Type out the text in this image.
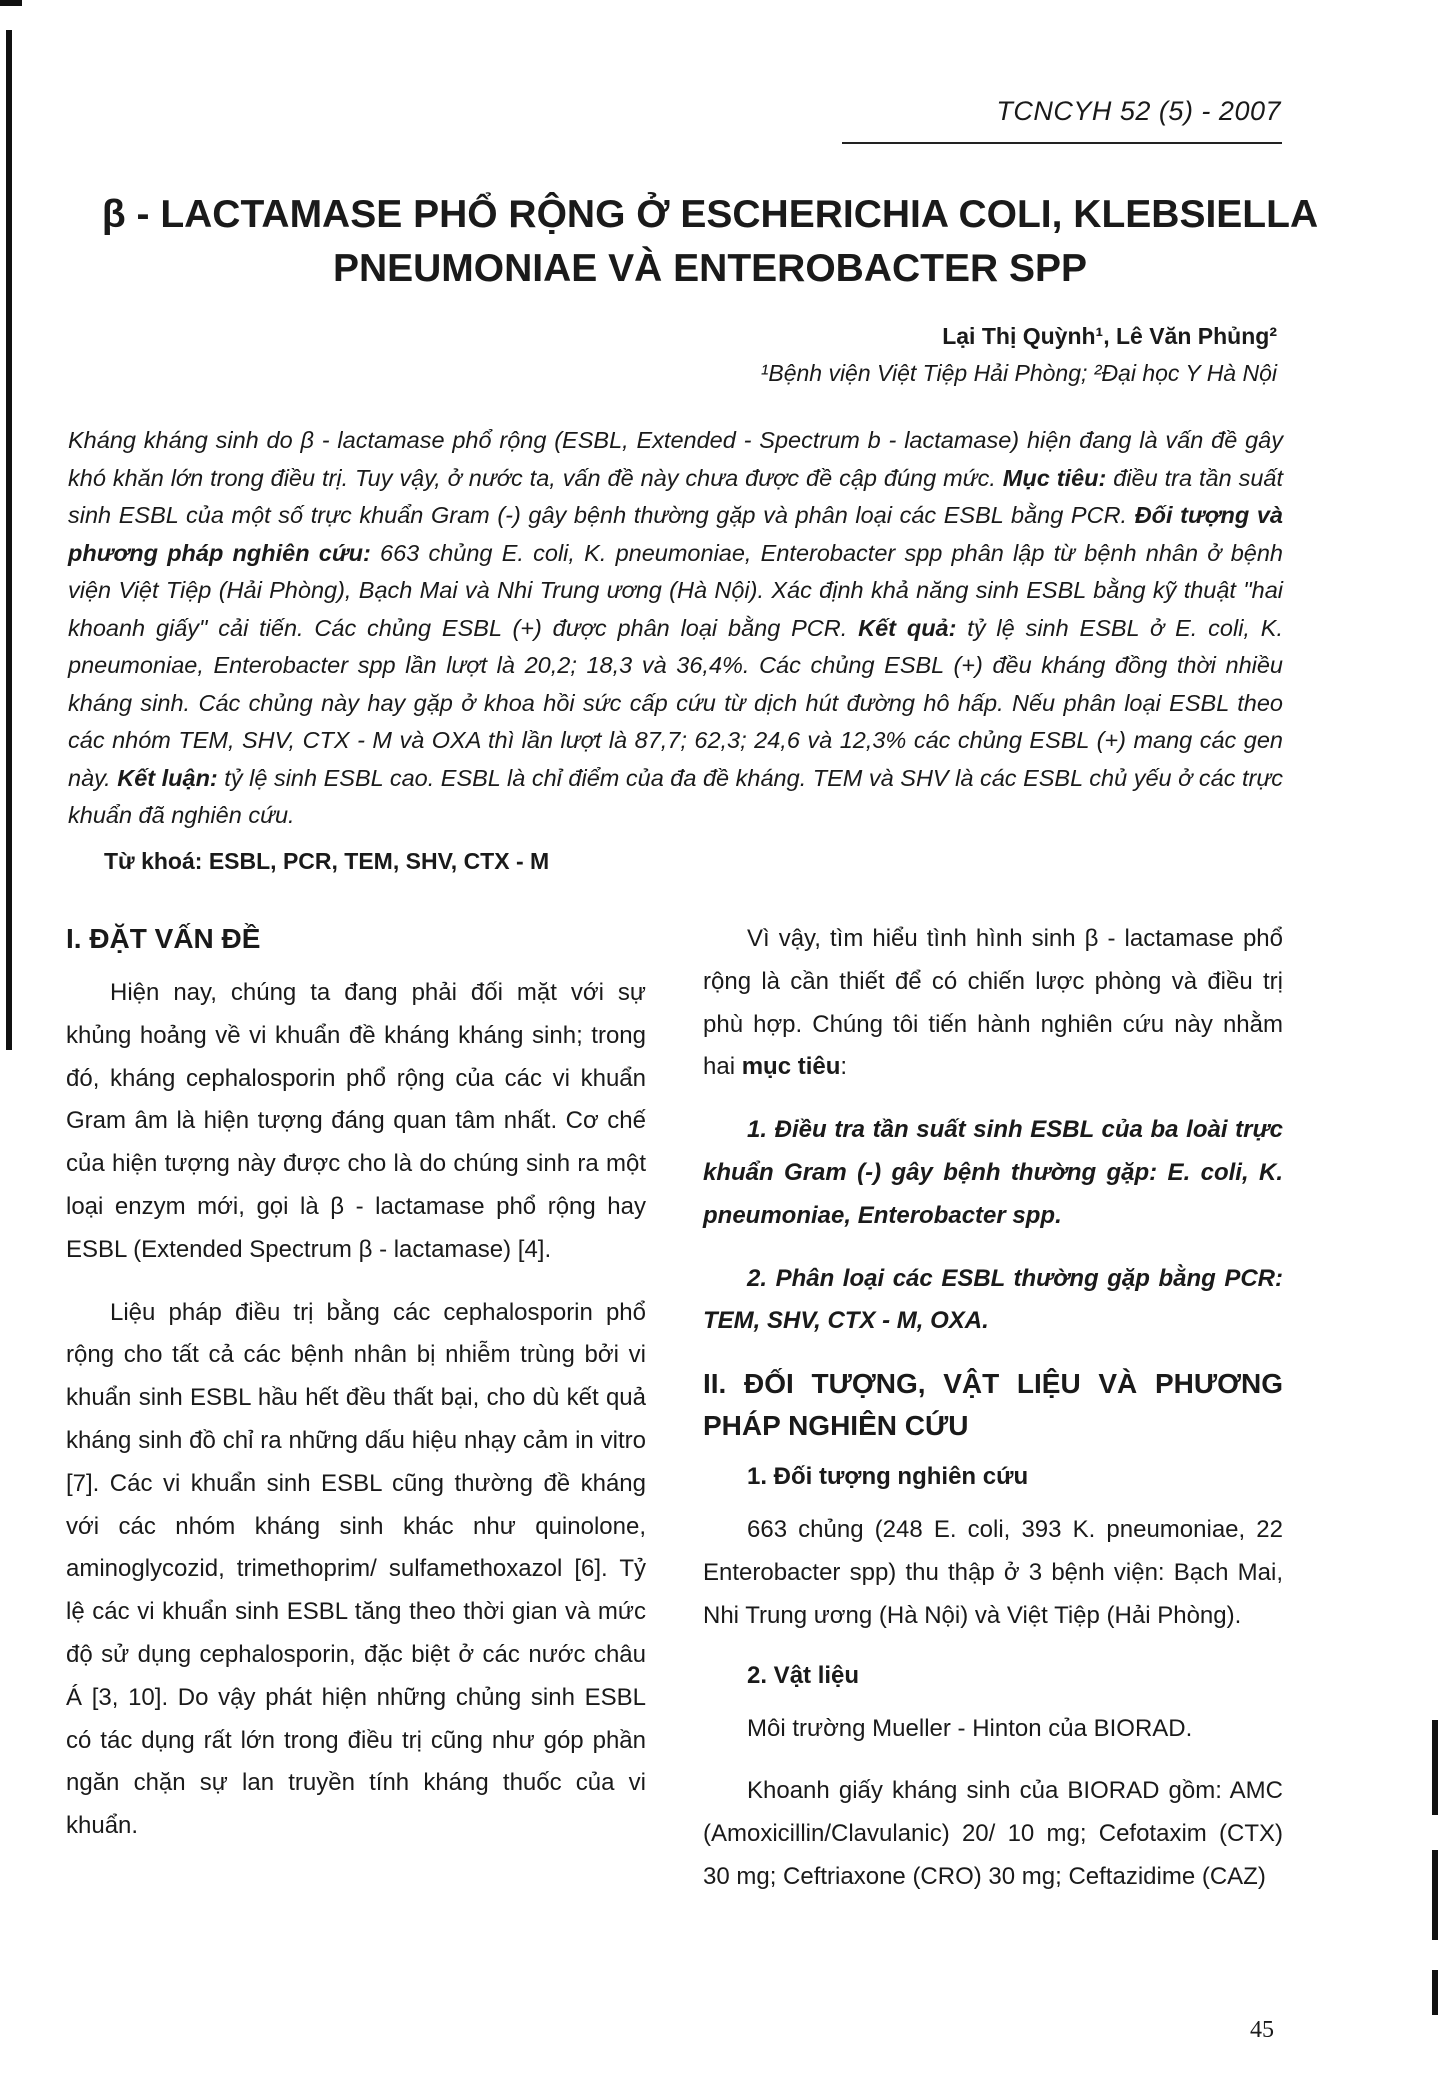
TCNCYH 52 (5) - 2007
β - LACTAMASE PHỔ RỘNG Ở ESCHERICHIA COLI, KLEBSIELLA
PNEUMONIAE VÀ ENTEROBACTER SPP
Lại Thị Quỳnh¹, Lê Văn Phủng²
¹Bệnh viện Việt Tiệp Hải Phòng; ²Đại học Y Hà Nội
Kháng kháng sinh do β - lactamase phổ rộng (ESBL, Extended - Spectrum b - lactamase) hiện đang là vấn đề gây khó khăn lớn trong điều trị. Tuy vậy, ở nước ta, vấn đề này chưa được đề cập đúng mức. Mục tiêu: điều tra tần suất sinh ESBL của một số trực khuẩn Gram (-) gây bệnh thường gặp và phân loại các ESBL bằng PCR. Đối tượng và phương pháp nghiên cứu: 663 chủng E. coli, K. pneumoniae, Enterobacter spp phân lập từ bệnh nhân ở bệnh viện Việt Tiệp (Hải Phòng), Bạch Mai và Nhi Trung ương (Hà Nội). Xác định khả năng sinh ESBL bằng kỹ thuật "hai khoanh giấy" cải tiến. Các chủng ESBL (+) được phân loại bằng PCR. Kết quả: tỷ lệ sinh ESBL ở E. coli, K. pneumoniae, Enterobacter spp lần lượt là 20,2; 18,3 và 36,4%. Các chủng ESBL (+) đều kháng đồng thời nhiều kháng sinh. Các chủng này hay gặp ở khoa hồi sức cấp cứu từ dịch hút đường hô hấp. Nếu phân loại ESBL theo các nhóm TEM, SHV, CTX - M và OXA thì lần lượt là 87,7; 62,3; 24,6 và 12,3% các chủng ESBL (+) mang các gen này. Kết luận: tỷ lệ sinh ESBL cao. ESBL là chỉ điểm của đa đề kháng. TEM và SHV là các ESBL chủ yếu ở các trực khuẩn đã nghiên cứu.
Từ khoá: ESBL, PCR, TEM, SHV, CTX - M
I. ĐẶT VẤN ĐỀ

Hiện nay, chúng ta đang phải đối mặt với sự khủng hoảng về vi khuẩn đề kháng kháng sinh; trong đó, kháng cephalosporin phổ rộng của các vi khuẩn Gram âm là hiện tượng đáng quan tâm nhất. Cơ chế của hiện tượng này được cho là do chúng sinh ra một loại enzym mới, gọi là β - lactamase phổ rộng hay ESBL (Extended Spectrum β - lactamase) [4].

Liệu pháp điều trị bằng các cephalosporin phổ rộng cho tất cả các bệnh nhân bị nhiễm trùng bởi vi khuẩn sinh ESBL hầu hết đều thất bại, cho dù kết quả kháng sinh đồ chỉ ra những dấu hiệu nhạy cảm in vitro [7]. Các vi khuẩn sinh ESBL cũng thường đề kháng với các nhóm kháng sinh khác như quinolone, aminoglycozid, trimethoprim/ sulfamethoxazol [6]. Tỷ lệ các vi khuẩn sinh ESBL tăng theo thời gian và mức độ sử dụng cephalosporin, đặc biệt ở các nước châu Á [3, 10]. Do vậy phát hiện những chủng sinh ESBL có tác dụng rất lớn trong điều trị cũng như góp phần ngăn chặn sự lan truyền tính kháng thuốc của vi khuẩn.

Vì vậy, tìm hiểu tình hình sinh β - lactamase phổ rộng là cần thiết để có chiến lược phòng và điều trị phù hợp. Chúng tôi tiến hành nghiên cứu này nhằm hai mục tiêu:

1. Điều tra tần suất sinh ESBL của ba loài trực khuẩn Gram (-) gây bệnh thường gặp: E. coli, K. pneumoniae, Enterobacter spp.

2. Phân loại các ESBL thường gặp bằng PCR: TEM, SHV, CTX - M, OXA.

II. ĐỐI TƯỢNG, VẬT LIỆU VÀ PHƯƠNG PHÁP NGHIÊN CỨU
1. Đối tượng nghiên cứu

663 chủng (248 E. coli, 393 K. pneumoniae, 22 Enterobacter spp) thu thập ở 3 bệnh viện: Bạch Mai, Nhi Trung ương (Hà Nội) và Việt Tiệp (Hải Phòng).

2. Vật liệu

Môi trường Mueller - Hinton của BIORAD.

Khoanh giấy kháng sinh của BIORAD gồm: AMC (Amoxicillin/Clavulanic) 20/ 10 mg; Cefotaxim (CTX) 30 mg; Ceftriaxone (CRO) 30 mg; Ceftazidime (CAZ)

45
